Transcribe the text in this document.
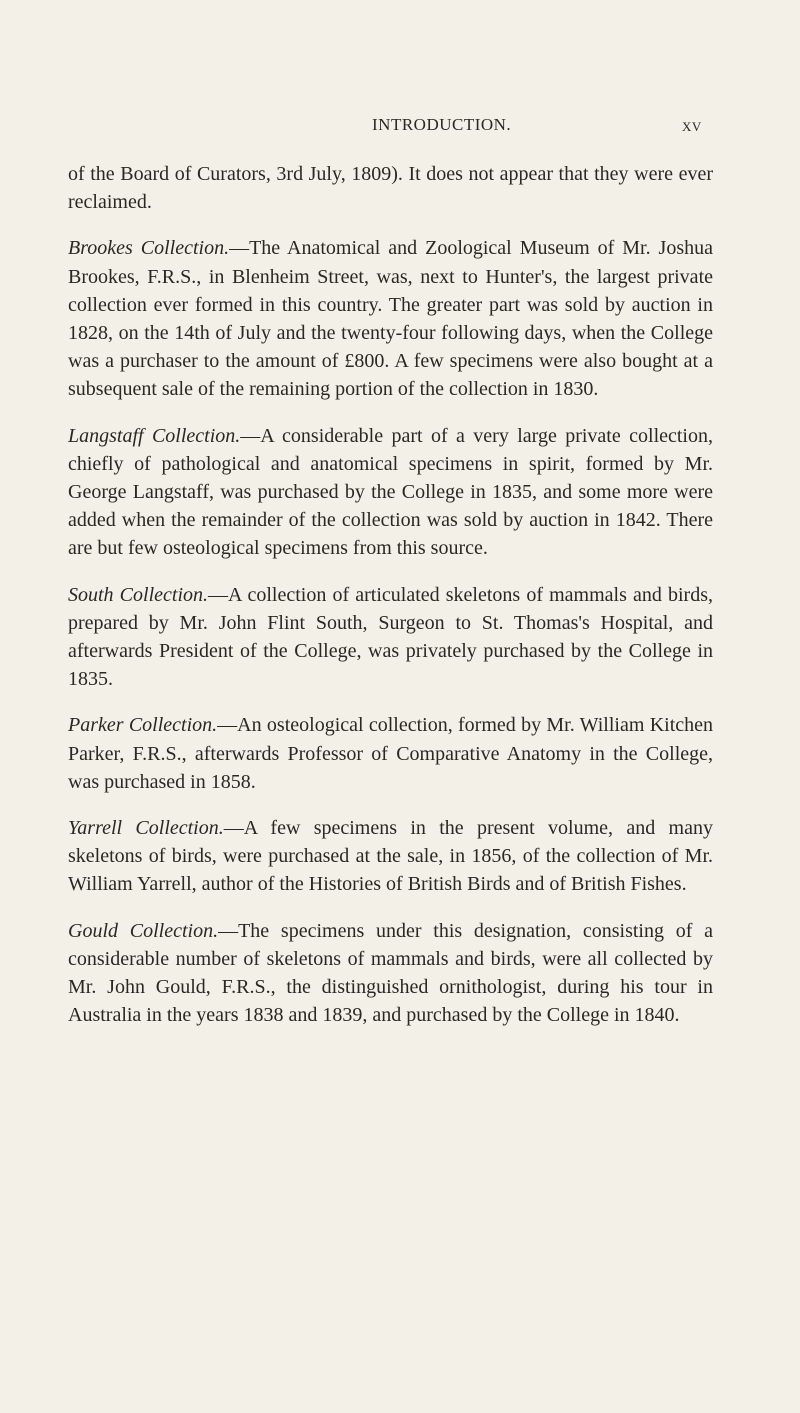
INTRODUCTION.	xv

of the Board of Curators, 3rd July, 1809). It does not appear that they were ever reclaimed.

Brookes Collection.—The Anatomical and Zoological Museum of Mr. Joshua Brookes, F.R.S., in Blenheim Street, was, next to Hunter's, the largest private collection ever formed in this country. The greater part was sold by auction in 1828, on the 14th of July and the twenty-four following days, when the College was a purchaser to the amount of £800. A few specimens were also bought at a subsequent sale of the remaining portion of the collection in 1830.

Langstaff Collection.—A considerable part of a very large private collection, chiefly of pathological and anatomical specimens in spirit, formed by Mr. George Langstaff, was purchased by the College in 1835, and some more were added when the remainder of the collection was sold by auction in 1842. There are but few osteological specimens from this source.

South Collection.—A collection of articulated skeletons of mammals and birds, prepared by Mr. John Flint South, Surgeon to St. Thomas's Hospital, and afterwards President of the College, was privately purchased by the College in 1835.

Parker Collection.—An osteological collection, formed by Mr. William Kitchen Parker, F.R.S., afterwards Professor of Comparative Anatomy in the College, was purchased in 1858.

Yarrell Collection.—A few specimens in the present volume, and many skeletons of birds, were purchased at the sale, in 1856, of the collection of Mr. William Yarrell, author of the Histories of British Birds and of British Fishes.

Gould Collection.—The specimens under this designation, consisting of a considerable number of skeletons of mammals and birds, were all collected by Mr. John Gould, F.R.S., the distinguished ornithologist, during his tour in Australia in the years 1838 and 1839, and purchased by the College in 1840.
